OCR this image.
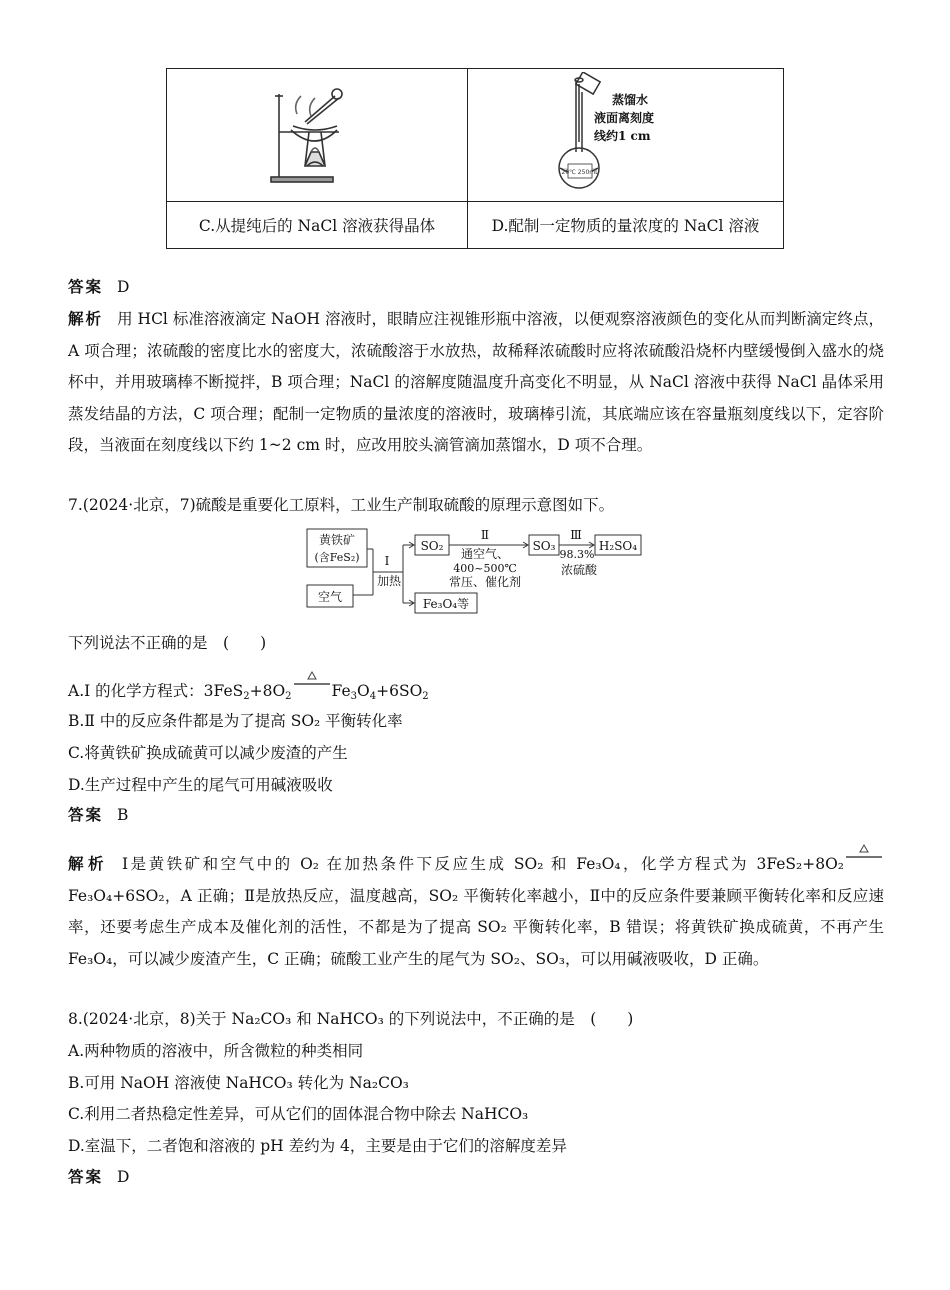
20℃ 250mL
蒸馏水
液面离刻度
线约1 cm

C.从提纯后的 NaCl 溶液获得晶体	D.配制一定物质的量浓度的 NaCl 溶液
答案 D
解析 用 HCl 标准溶液滴定 NaOH 溶液时，眼睛应注视锥形瓶中溶液，以便观察溶液颜色的变化从而判断滴定终点，A 项合理；浓硫酸的密度比水的密度大，浓硫酸溶于水放热，故稀释浓硫酸时应将浓硫酸沿烧杯内壁缓慢倒入盛水的烧杯中，并用玻璃棒不断搅拌，B 项合理；NaCl 的溶解度随温度升高变化不明显，从 NaCl 溶液中获得 NaCl 晶体采用蒸发结晶的方法，C 项合理；配制一定物质的量浓度的溶液时，玻璃棒引流，其底端应该在容量瓶刻度线以下，定容阶段，当液面在刻度线以下约 1~2 cm 时，应改用胶头滴管滴加蒸馏水，D 项不合理。
7.(2024·北京，7)硫酸是重要化工原料，工业生产制取硫酸的原理示意图如下。
黄铁矿
(含FeS₂)
空气
Ⅰ
加热
SO₂
Fe₃O₄等
Ⅱ
通空气、
400~500℃
常压、催化剂
SO₃
Ⅲ
98.3%
浓硫酸
H₂SO₄
下列说法不正确的是　 (　　)
A.Ⅰ 的化学方程式：$3FeS_2+8O_2$	$Fe_3O_4+6SO_2$
B.Ⅱ 中的反应条件都是为了提高 SO₂ 平衡转化率
C.将黄铁矿换成硫黄可以减少废渣的产生
D.生产过程中产生的尾气可用碱液吸收
答案 B
解析 Ⅰ是黄铁矿和空气中的 O₂ 在加热条件下反应生成 SO₂ 和 Fe₃O₄，化学方程式为 3FeS₂+8O₂
Fe₃O₄+6SO₂，A 正确；Ⅱ是放热反应，温度越高，SO₂ 平衡转化率越小，Ⅱ中的反应条件要兼顾平衡转化率和反应速率，还要考虑生产成本及催化剂的活性，不都是为了提高 SO₂ 平衡转化率，B 错误；将黄铁矿换成硫黄，不再产生 Fe₃O₄，可以减少废渣产生，C 正确；硫酸工业产生的尾气为 SO₂、SO₃，可以用碱液吸收，D 正确。
8.(2024·北京，8)关于 Na₂CO₃ 和 NaHCO₃ 的下列说法中，不正确的是　 (　　)
A.两种物质的溶液中，所含微粒的种类相同
B.可用 NaOH 溶液使 NaHCO₃ 转化为 Na₂CO₃
C.利用二者热稳定性差异，可从它们的固体混合物中除去 NaHCO₃
D.室温下，二者饱和溶液的 pH 差约为 4，主要是由于它们的溶解度差异
答案 D
